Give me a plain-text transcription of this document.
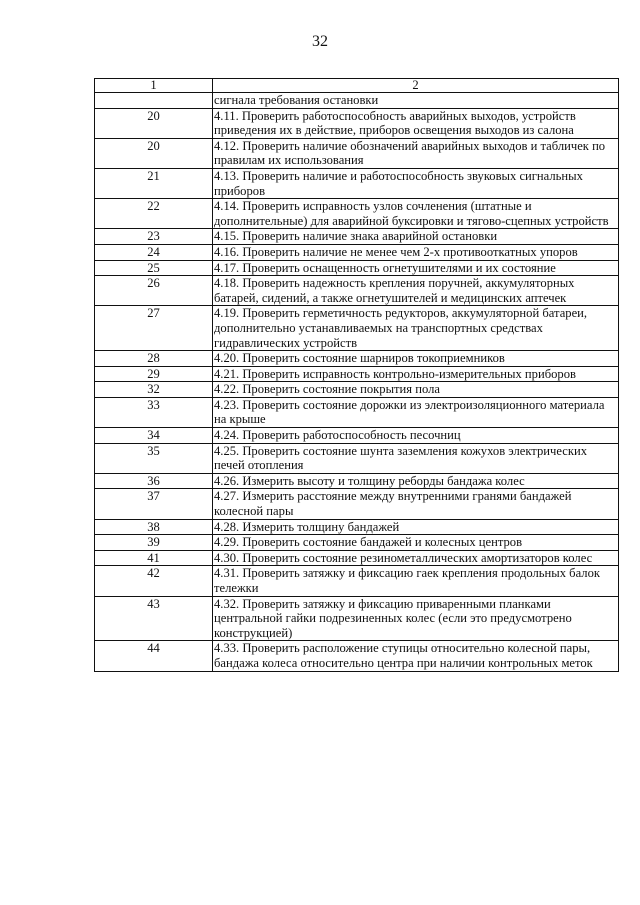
32
1	2
	сигнала требования остановки
20	4.11. Проверить работоспособность аварийных выходов, устройств приведения их в действие, приборов освещения выходов из салона
20	4.12. Проверить наличие обозначений аварийных выходов и табличек по правилам их использования
21	4.13. Проверить наличие и работоспособность звуковых сигнальных приборов
22	4.14. Проверить исправность узлов сочленения (штатные и дополнительные) для аварийной буксировки и тягово-сцепных устройств
23	4.15. Проверить наличие знака аварийной остановки
24	4.16. Проверить наличие не менее чем 2-х противооткатных упоров
25	4.17. Проверить оснащенность огнетушителями и их состояние
26	4.18. Проверить надежность крепления поручней, аккумуляторных батарей, сидений, а также огнетушителей и медицинских аптечек
27	4.19. Проверить герметичность редукторов, аккумуляторной батареи, дополнительно устанавливаемых на транспортных средствах гидравлических устройств
28	4.20. Проверить состояние шарниров токоприемников
29	4.21. Проверить исправность контрольно-измерительных приборов
32	4.22. Проверить состояние покрытия пола
33	4.23. Проверить состояние дорожки из электроизоляционного материала на крыше
34	4.24. Проверить работоспособность песочниц
35	4.25. Проверить состояние шунта заземления кожухов электрических печей отопления
36	4.26. Измерить высоту и толщину реборды бандажа колес
37	4.27. Измерить расстояние между внутренними гранями бандажей колесной пары
38	4.28. Измерить толщину бандажей
39	4.29. Проверить состояние бандажей и колесных центров
41	4.30. Проверить состояние резинометаллических амортизаторов колес
42	4.31. Проверить затяжку и фиксацию гаек крепления продольных балок тележки
43	4.32. Проверить затяжку и фиксацию приваренными планками центральной гайки подрезиненных колес (если это предусмотрено конструкцией)
44	4.33. Проверить расположение ступицы относительно колесной пары, бандажа колеса относительно центра при наличии контрольных меток
